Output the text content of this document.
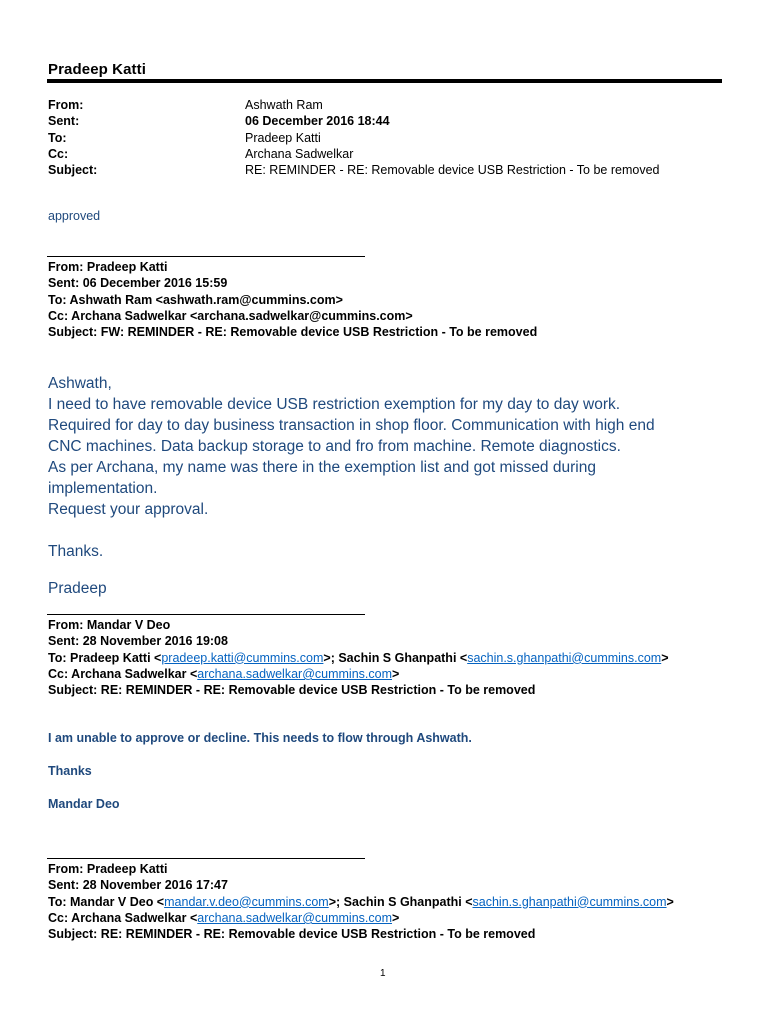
Pradeep Katti
From:	Ashwath Ram
Sent:	06 December 2016 18:44
To:	Pradeep Katti
Cc:	Archana Sadwelkar
Subject:	RE: REMINDER - RE: Removable device USB Restriction - To be removed
approved
From: Pradeep Katti
Sent: 06 December 2016 15:59
To: Ashwath Ram <ashwath.ram@cummins.com>
Cc: Archana Sadwelkar <archana.sadwelkar@cummins.com>
Subject: FW: REMINDER - RE: Removable device USB Restriction - To be removed
Ashwath,
I need to have removable device USB restriction exemption for my day to day work.
Required for day to day business transaction in shop floor. Communication with high end
CNC machines. Data backup storage to and fro from machine. Remote diagnostics.
As per Archana, my name was there in the exemption list and got missed during
implementation.
Request your approval.
Thanks.
Pradeep
From: Mandar V Deo
Sent: 28 November 2016 19:08
To: Pradeep Katti <pradeep.katti@cummins.com>; Sachin S Ghanpathi <sachin.s.ghanpathi@cummins.com>
Cc: Archana Sadwelkar <archana.sadwelkar@cummins.com>
Subject: RE: REMINDER - RE: Removable device USB Restriction - To be removed
I am unable to approve or decline. This needs to flow through Ashwath.
Thanks
Mandar Deo
From: Pradeep Katti
Sent: 28 November 2016 17:47
To: Mandar V Deo <mandar.v.deo@cummins.com>; Sachin S Ghanpathi <sachin.s.ghanpathi@cummins.com>
Cc: Archana Sadwelkar <archana.sadwelkar@cummins.com>
Subject: RE: REMINDER - RE: Removable device USB Restriction - To be removed
1
